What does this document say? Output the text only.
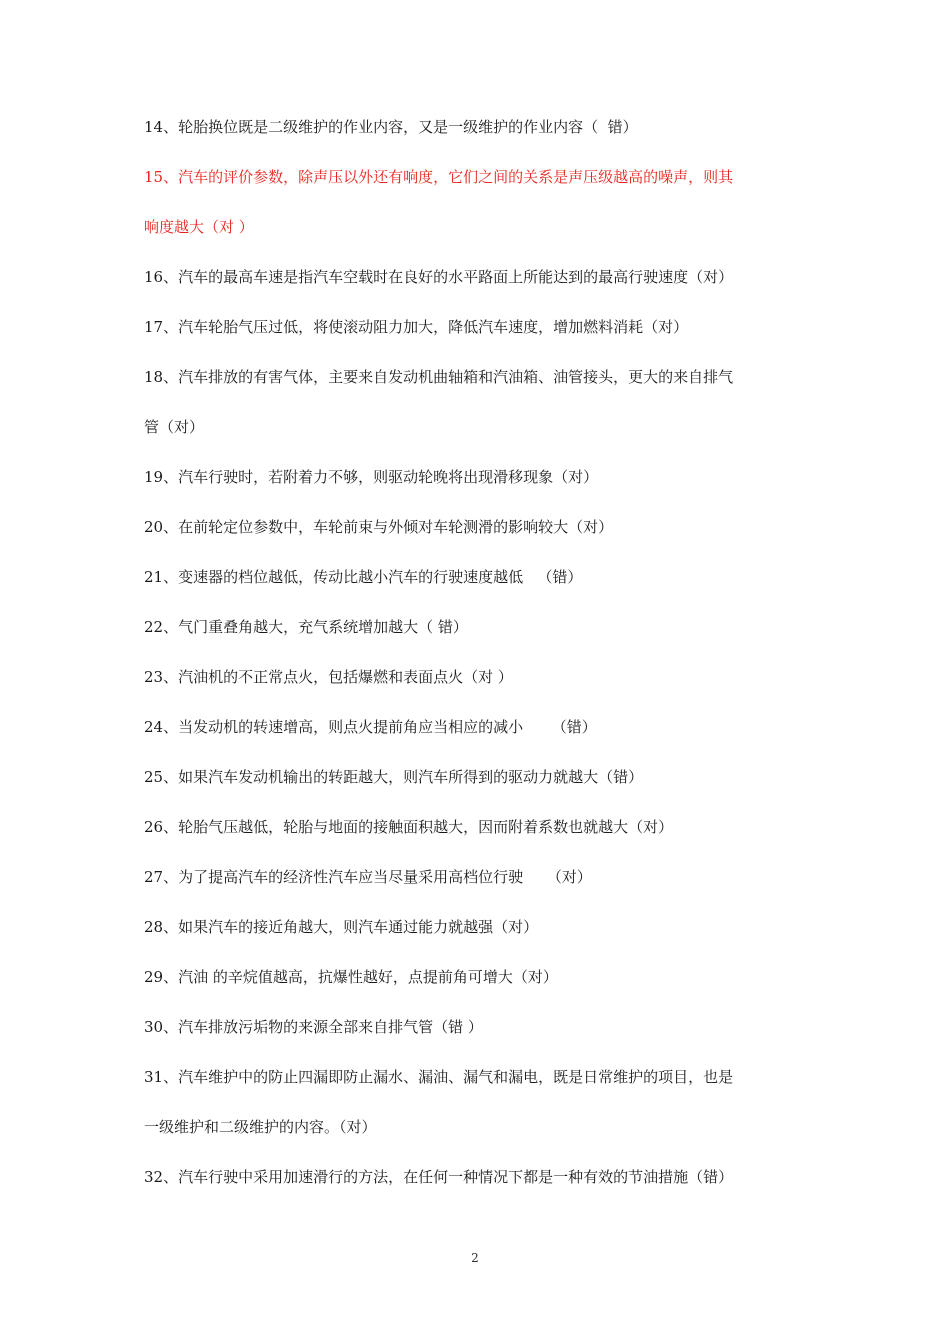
14、轮胎换位既是二级维护的作业内容，又是一级维护的作业内容（  错）
15、汽车的评价参数，除声压以外还有响度，它们之间的关系是声压级越高的噪声，则其
响度越大（对 ）
16、汽车的最高车速是指汽车空载时在良好的水平路面上所能达到的最高行驶速度（对）
17、汽车轮胎气压过低，将使滚动阻力加大，降低汽车速度，增加燃料消耗（对）
18、汽车排放的有害气体，主要来自发动机曲轴箱和汽油箱、油管接头，更大的来自排气
管（对）
19、汽车行驶时，若附着力不够，则驱动轮晚将出现滑移现象（对）
20、在前轮定位参数中，车轮前束与外倾对车轮测滑的影响较大（对）
21、变速器的档位越低，传动比越小汽车的行驶速度越低   （错）
22、气门重叠角越大，充气系统增加越大（ 错）
23、汽油机的不正常点火，包括爆燃和表面点火（对 ）
24、当发动机的转速增高，则点火提前角应当相应的减小      （错）
25、如果汽车发动机输出的转距越大，则汽车所得到的驱动力就越大（错）
26、轮胎气压越低，轮胎与地面的接触面积越大，因而附着系数也就越大（对）
27、为了提高汽车的经济性汽车应当尽量采用高档位行驶     （对）
28、如果汽车的接近角越大，则汽车通过能力就越强（对）
29、汽油 的辛烷值越高，抗爆性越好，点提前角可增大（对）
30、汽车排放污垢物的来源全部来自排气管（错 ）
31、汽车维护中的防止四漏即防止漏水、漏油、漏气和漏电，既是日常维护的项目，也是
一级维护和二级维护的内容。（对）
32、汽车行驶中采用加速滑行的方法，在任何一种情况下都是一种有效的节油措施（错）
2
